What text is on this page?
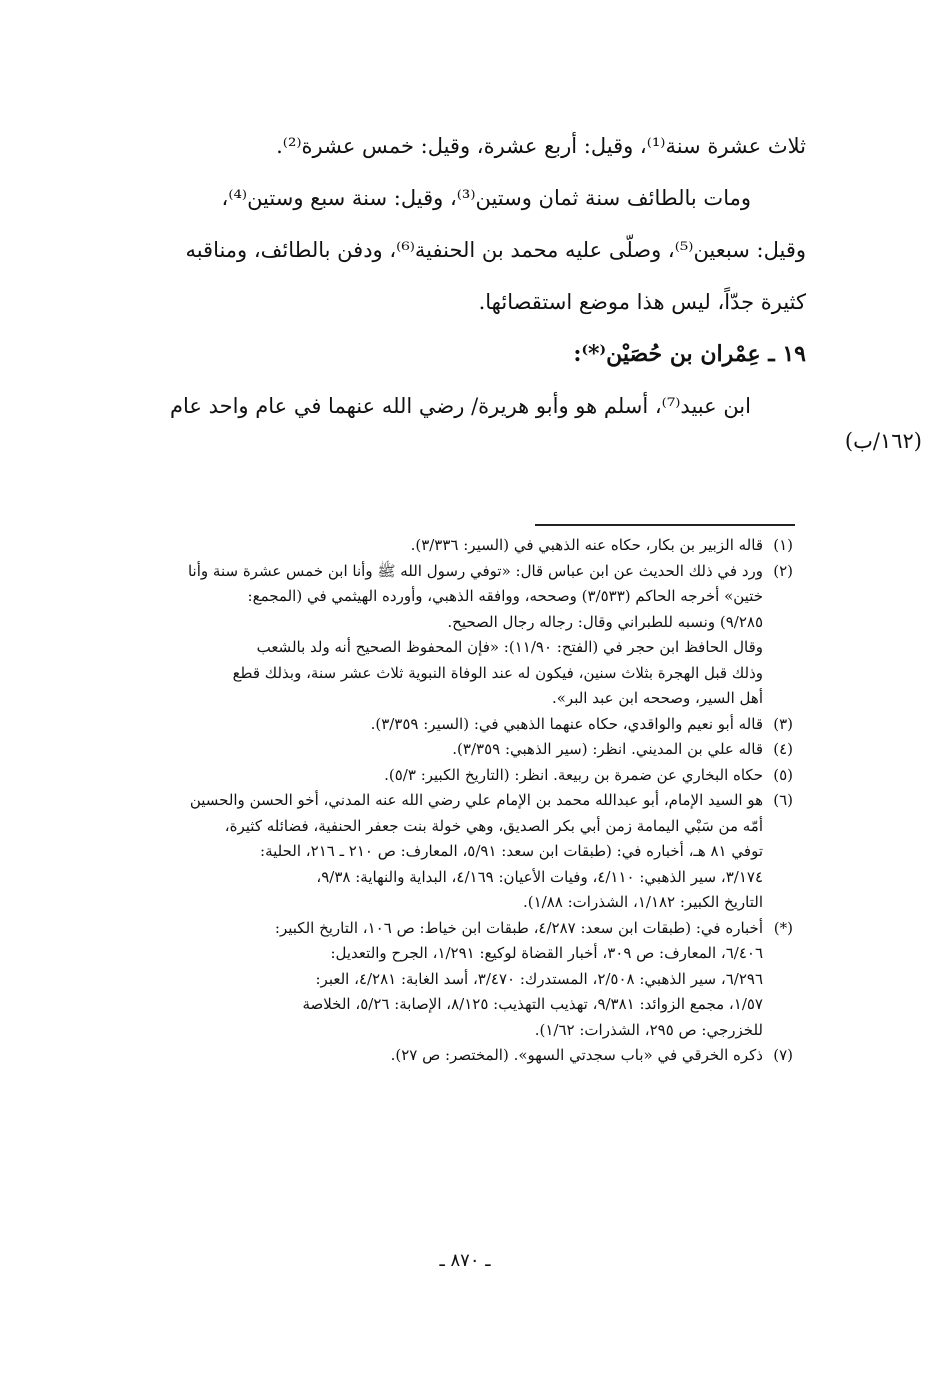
ثلاث عشرة سنة⁽¹⁾، وقيل: أربع عشرة، وقيل: خمس عشرة⁽²⁾.
ومات بالطائف سنة ثمان وستين⁽³⁾، وقيل: سنة سبع وستين⁽⁴⁾،
وقيل: سبعين⁽⁵⁾، وصلّى عليه محمد بن الحنفية⁽⁶⁾، ودفن بالطائف، ومناقبه
كثيرة جدّاً، ليس هذا موضع استقصائها.
١٩ ـ عِمْران بن حُصَيْن⁽*⁾:
ابن عبيد⁽⁷⁾، أسلم هو وأبو هريرة/ رضي الله عنهما في عام واحد عام
(١٦٢/ب)
(١)
قاله الزبير بن بكار، حكاه عنه الذهبي في (السير: ٣/٣٣٦).
(٢)
ورد في ذلك الحديث عن ابن عباس قال: «توفي رسول الله ﷺ وأنا ابن خمس عشرة سنة وأنا
ختين» أخرجه الحاكم (٣/٥٣٣) وصححه، ووافقه الذهبي، وأورده الهيثمي في (المجمع:
٩/٢٨٥) ونسبه للطبراني وقال: رجاله رجال الصحيح.
وقال الحافظ ابن حجر في (الفتح: ١١/٩٠): «فإن المحفوظ الصحيح أنه ولد بالشعب
وذلك قبل الهجرة بثلاث سنين، فيكون له عند الوفاة النبوية ثلاث عشر سنة، وبذلك قطع
أهل السير، وصححه ابن عبد البر».
(٣)
قاله أبو نعيم والواقدي، حكاه عنهما الذهبي في: (السير: ٣/٣٥٩).
(٤)
قاله علي بن المديني. انظر: (سير الذهبي: ٣/٣٥٩).
(٥)
حكاه البخاري عن ضمرة بن ربيعة. انظر: (التاريخ الكبير: ٥/٣).
(٦)
هو السيد الإمام، أبو عبدالله محمد بن الإمام علي رضي الله عنه المدني، أخو الحسن والحسين
أمّه من سَبْي اليمامة زمن أبي بكر الصديق، وهي خولة بنت جعفر الحنفية، فضائله كثيرة،
توفي ٨١ هـ، أخباره في: (طبقات ابن سعد: ٥/٩١، المعارف: ص ٢١٠ ـ ٢١٦، الحلية:
٣/١٧٤، سير الذهبي: ٤/١١٠، وفيات الأعيان: ٤/١٦٩، البداية والنهاية: ٩/٣٨،
التاريخ الكبير: ١/١٨٢، الشذرات: ١/٨٨).
(*)
أخباره في: (طبقات ابن سعد: ٤/٢٨٧، طبقات ابن خياط: ص ١٠٦، التاريخ الكبير:
٦/٤٠٦، المعارف: ص ٣٠٩، أخبار القضاة لوكيع: ١/٢٩١، الجرح والتعديل:
٦/٢٩٦، سير الذهبي: ٢/٥٠٨، المستدرك: ٣/٤٧٠، أسد الغابة: ٤/٢٨١، العبر:
١/٥٧، مجمع الزوائد: ٩/٣٨١، تهذيب التهذيب: ٨/١٢٥، الإصابة: ٥/٢٦، الخلاصة
للخزرجي: ص ٢٩٥، الشذرات: ١/٦٢).
(٧)
ذكره الخرقي في «باب سجدتي السهو». (المختصر: ص ٢٧).
ـ ٨٧٠ ـ
